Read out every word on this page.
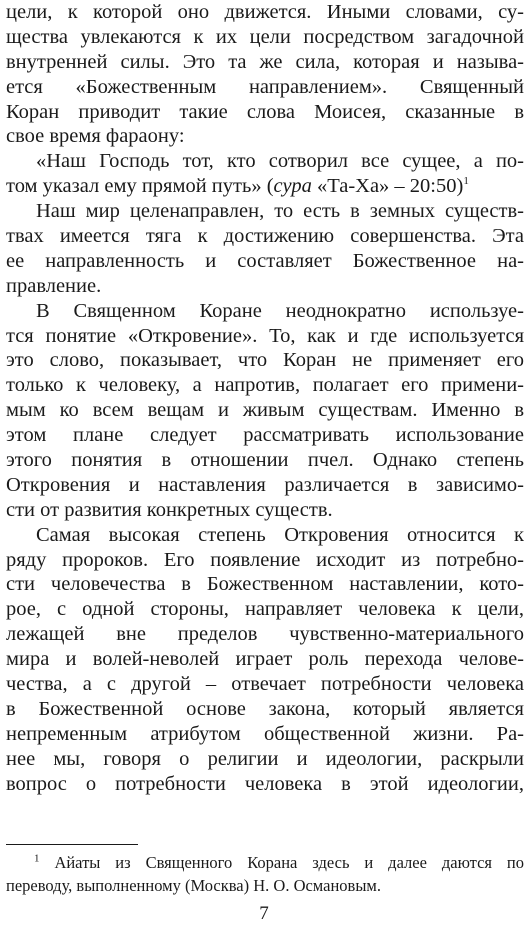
цели, к которой оно движется. Иными словами, су-
щества увлекаются к их цели посредством загадочной
внутренней силы. Это та же сила, которая и называ-
ется «Божественным направлением». Священный
Коран приводит такие слова Моисея, сказанные в
свое время фараону:
«Наш Господь тот, кто сотворил все сущее, а по-
том указал ему прямой путь» (сура «Та-Ха» – 20:50)$^1$
Наш мир целенаправлен, то есть в земных существ-
твах имеется тяга к достижению совершенства. Эта
ее направленность и составляет Божественное на-
правление.
В Священном Коране неоднократно используе-
тся понятие «Откровение». То, как и где используется
это слово, показывает, что Коран не применяет его
только к человеку, а напротив, полагает его примени-
мым ко всем вещам и живым существам. Именно в
этом плане следует рассматривать использование
этого понятия в отношении пчел. Однако степень
Откровения и наставления различается в зависимо-
сти от развития конкретных существ.
Самая высокая степень Откровения относится к
ряду пророков. Его появление исходит из потребно-
сти человечества в Божественном наставлении, кото-
рое, с одной стороны, направляет человека к цели,
лежащей вне пределов чувственно-материального
мира и волей-неволей играет роль перехода челове-
чества, а с другой – отвечает потребности человека
в Божественной основе закона, который является
непременным атрибутом общественной жизни. Ра-
нее мы, говоря о религии и идеологии, раскрыли
вопрос о потребности человека в этой идеологии,
$^1$ Айаты из Священного Корана здесь и далее даются по
переводу, выполненному (Москва) Н. О. Османовым.
7
